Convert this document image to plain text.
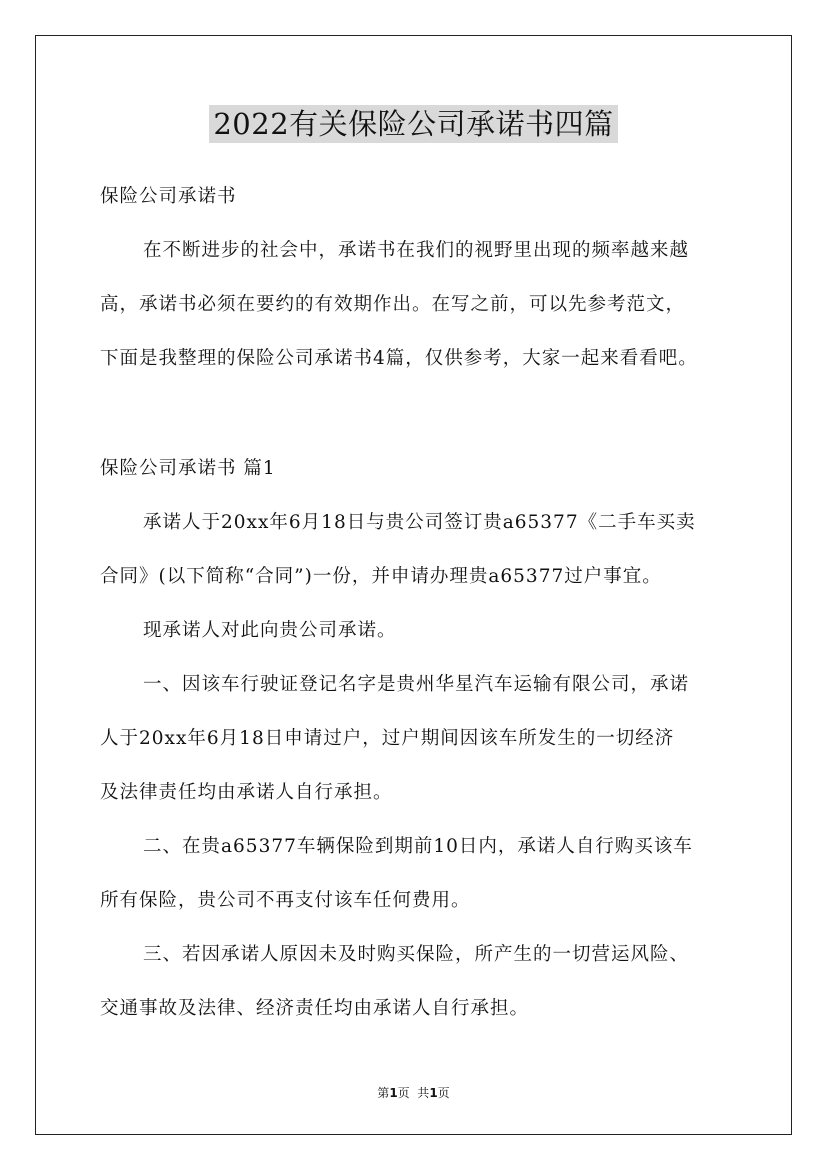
2022有关保险公司承诺书四篇
保险公司承诺书
在不断进步的社会中，承诺书在我们的视野里出现的频率越来越
高，承诺书必须在要约的有效期作出。在写之前，可以先参考范文，
下面是我整理的保险公司承诺书4篇，仅供参考，大家一起来看看吧。
保险公司承诺书 篇1
承诺人于20xx年6月18日与贵公司签订贵a65377《二手车买卖
合同》(以下简称“合同”)一份，并申请办理贵a65377过户事宜。
现承诺人对此向贵公司承诺。
一、因该车行驶证登记名字是贵州华星汽车运输有限公司，承诺
人于20xx年6月18日申请过户，过户期间因该车所发生的一切经济
及法律责任均由承诺人自行承担。
二、在贵a65377车辆保险到期前10日内，承诺人自行购买该车
所有保险，贵公司不再支付该车任何费用。
三、若因承诺人原因未及时购买保险，所产生的一切营运风险、
交通事故及法律、经济责任均由承诺人自行承担。
第1页  共1页
